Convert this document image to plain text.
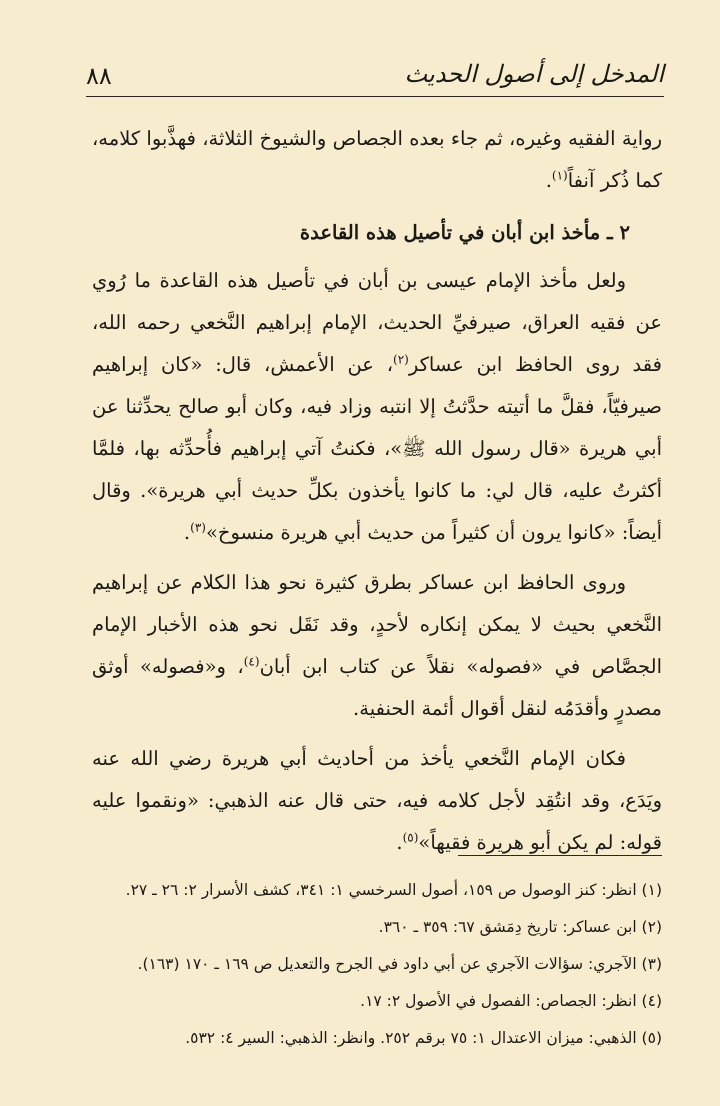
٨٨	المدخل إلى أصول الحديث

رواية الفقيه وغيره، ثم جاء بعده الجصاص والشيوخ الثلاثة، فهذَّبوا كلامه، كما ذُكر آنفاً$^{(١)}$.

٢ ـ مأخذ ابن أبان في تأصيل هذه القاعدة

ولعل مأخذ الإمام عيسى بن أبان في تأصيل هذه القاعدة ما رُوي عن فقيه العراق، صيرفيِّ الحديث، الإمام إبراهيم النَّخعي رحمه الله، فقد روى الحافظ ابن عساكر$^{(٢)}$، عن الأعمش، قال: «كان إبراهيم صيرفيّاً، فقلَّ ما أتيته حدَّثتُ إلا انتبه وزاد فيه، وكان أبو صالح يحدِّثنا عن أبي هريرة «قال رسول الله ﷺ»، فكنتُ آتي إبراهيم فأُحدِّثه بها، فلمَّا أكثرتُ عليه، قال لي: ما كانوا يأخذون بكلِّ حديث أبي هريرة». وقال أيضاً: «كانوا يرون أن كثيراً من حديث أبي هريرة منسوخ»$^{(٣)}$.

وروى الحافظ ابن عساكر بطرق كثيرة نحو هذا الكلام عن إبراهيم النَّخعي بحيث لا يمكن إنكاره لأحدٍ، وقد نَقَل نحو هذه الأخبار الإمام الجصَّاص في «فصوله» نقلاً عن كتاب ابن أبان$^{(٤)}$، و«فصوله» أوثق مصدرٍ وأقدَمُه لنقل أقوال أئمة الحنفية.

فكان الإمام النَّخعي يأخذ من أحاديث أبي هريرة رضي الله عنه ويَدَع، وقد انتُقِد لأجل كلامه فيه، حتى قال عنه الذهبي: «ونقموا عليه قوله: لم يكن أبو هريرة فقيهاً»$^{(٥)}$.

(١) انظر: كنز الوصول ص ١٥٩، أصول السرخسي ١: ٣٤١، كشف الأسرار ٢: ٢٦ ـ ٢٧.
(٢) ابن عساكر: تاريخ دِمَشق ٦٧: ٣٥٩ ـ ٣٦٠.
(٣) الآجري: سؤالات الآجري عن أبي داود في الجرح والتعديل ص ١٦٩ ـ ١٧٠ (١٦٣).
(٤) انظر: الجصاص: الفصول في الأصول ٢: ١٧.
(٥) الذهبي: ميزان الاعتدال ١: ٧٥ برقم ٢٥٢. وانظر: الذهبي: السير ٤: ٥٣٢.
